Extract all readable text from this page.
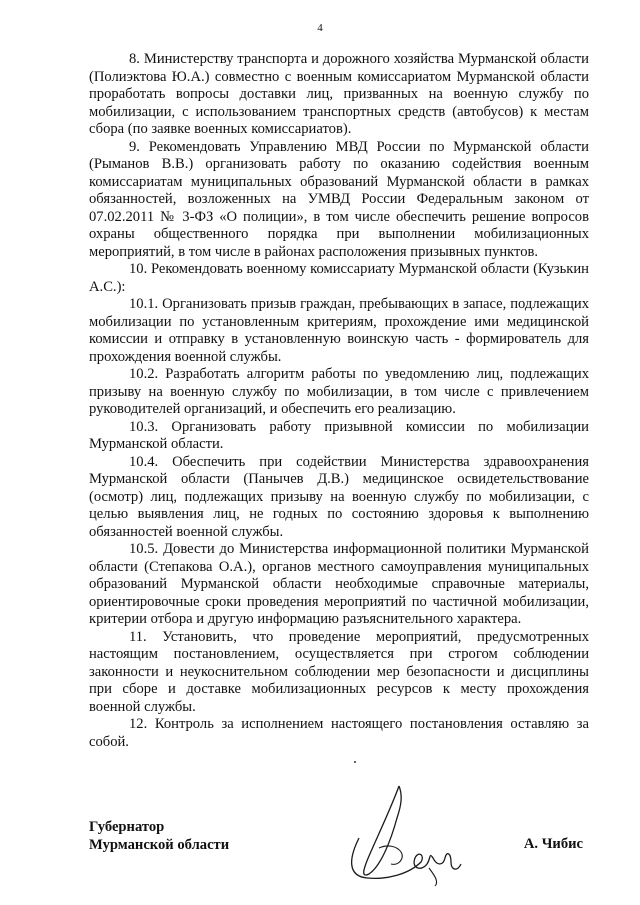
4

8. Министерству транспорта и дорожного хозяйства Мурманской области (Полиэктова Ю.А.) совместно с военным комиссариатом Мурманской области проработать вопросы доставки лиц, призванных на военную службу по мобилизации, с использованием транспортных средств (автобусов) к местам сбора (по заявке военных комиссариатов).

9. Рекомендовать Управлению МВД России по Мурманской области (Рыманов В.В.) организовать работу по оказанию содействия военным комиссариатам муниципальных образований Мурманской области в рамках обязанностей, возложенных на УМВД России Федеральным законом от 07.02.2011 № 3-ФЗ «О полиции», в том числе обеспечить решение вопросов охраны общественного порядка при выполнении мобилизационных мероприятий, в том числе в районах расположения призывных пунктов.

10. Рекомендовать военному комиссариату Мурманской области (Кузькин А.С.):

10.1. Организовать призыв граждан, пребывающих в запасе, подлежащих мобилизации по установленным критериям, прохождение ими медицинской комиссии и отправку в установленную воинскую часть - формирователь для прохождения военной службы.

10.2. Разработать алгоритм работы по уведомлению лиц, подлежащих призыву на военную службу по мобилизации, в том числе с привлечением руководителей организаций, и обеспечить его реализацию.

10.3. Организовать работу призывной комиссии по мобилизации Мурманской области.

10.4. Обеспечить при содействии Министерства здравоохранения Мурманской области (Панычев Д.В.) медицинское освидетельствование (осмотр) лиц, подлежащих призыву на военную службу по мобилизации, с целью выявления лиц, не годных по состоянию здоровья к выполнению обязанностей военной службы.

10.5. Довести до Министерства информационной политики Мурманской области (Степакова О.А.), органов местного самоуправления муниципальных образований Мурманской области необходимые справочные материалы, ориентировочные сроки проведения мероприятий по частичной мобилизации, критерии отбора и другую информацию разъяснительного характера.

11. Установить, что проведение мероприятий, предусмотренных настоящим постановлением, осуществляется при строгом соблюдении законности и неукоснительном соблюдении мер безопасности и дисциплины при сборе и доставке мобилизационных ресурсов к месту прохождения военной службы.

12. Контроль за исполнением настоящего постановления оставляю за собой.

Губернатор
Мурманской области	А. Чибис
